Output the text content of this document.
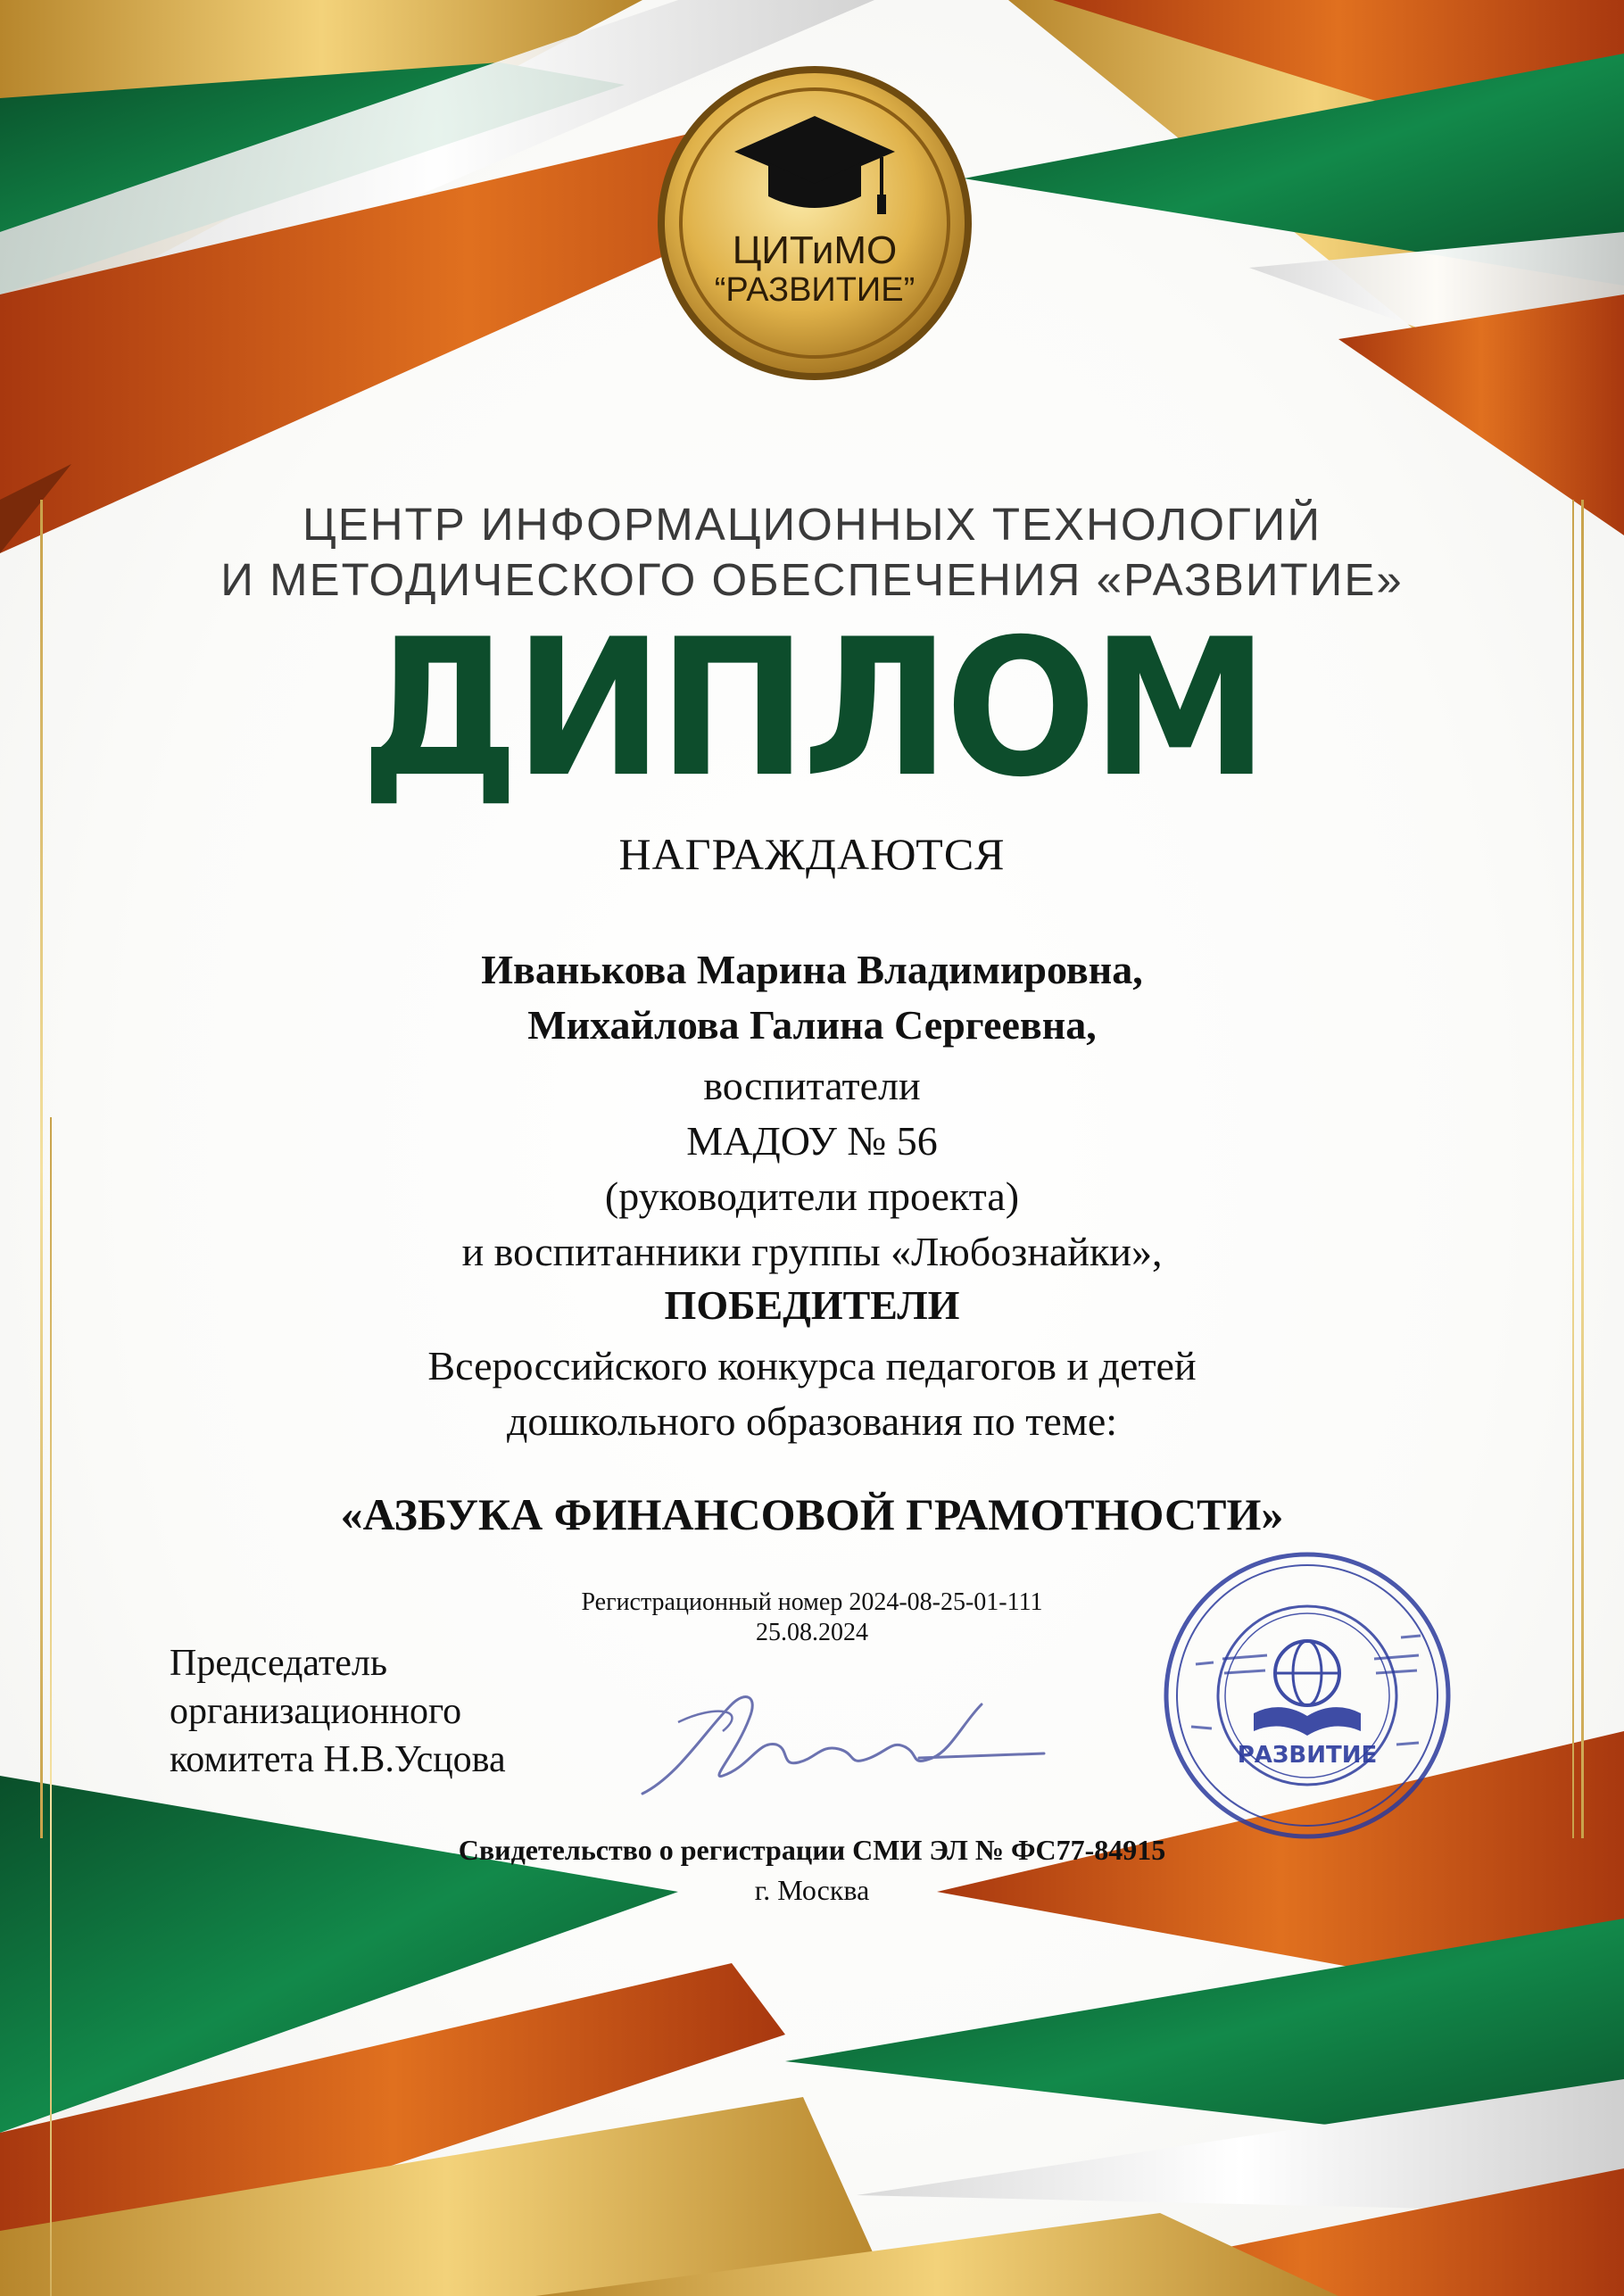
ЦИТиМО
“РАЗВИТИЕ”
ЦЕНТР ИНФОРМАЦИОННЫХ ТЕХНОЛОГИЙ
И МЕТОДИЧЕСКОГО ОБЕСПЕЧЕНИЯ «РАЗВИТИЕ»
ДИПЛОМ
НАГРАЖДАЮТСЯ
Иванькова Марина Владимировна,
Михайлова Галина Сергеевна,
воспитатели
МАДОУ № 56
(руководители проекта)
и воспитанники группы «Любознайки»,
ПОБЕДИТЕЛИ
Всероссийского конкурса педагогов и детей
дошкольного образования по теме:
«АЗБУКА ФИНАНСОВОЙ ГРАМОТНОСТИ»
Регистрационный номер 2024-08-25-01-111
25.08.2024
Председатель
организационного
комитета Н.В.Усцова	РАЗВИТИЕ
Свидетельство о регистрации СМИ ЭЛ № ФС77-84915
г. Москва
